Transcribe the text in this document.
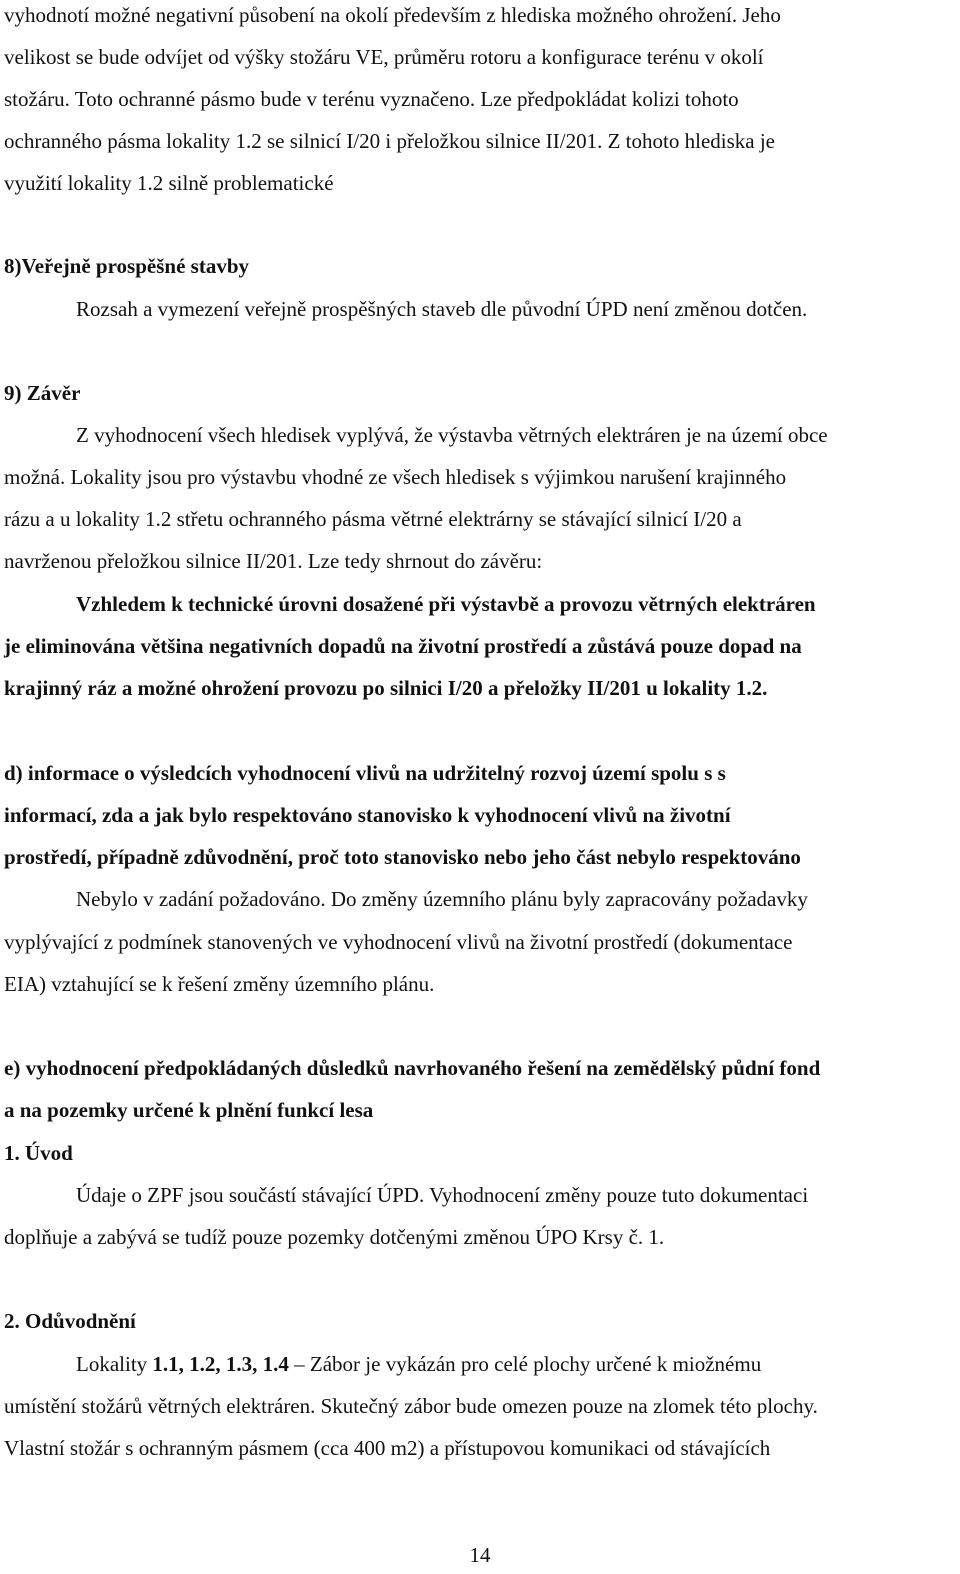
vyhodnotí možné negativní působení na okolí především z hlediska možného ohrožení. Jeho
velikost se bude odvíjet od výšky stožáru VE, průměru rotoru a konfigurace terénu v okolí
stožáru. Toto ochranné pásmo bude v terénu vyznačeno. Lze předpokládat kolizi tohoto
ochranného pásma lokality 1.2 se silnicí I/20 i přeložkou silnice II/201. Z tohoto hlediska je
využití lokality 1.2 silně problematické
8)Veřejně prospěšné stavby
Rozsah a vymezení veřejně prospěšných staveb dle původní ÚPD není změnou dotčen.
9) Závěr
Z vyhodnocení všech hledisek vyplývá, že výstavba větrných elektráren je na území obce
možná. Lokality jsou pro výstavbu vhodné ze všech hledisek s výjimkou narušení krajinného
rázu a u lokality 1.2 střetu ochranného pásma větrné elektrárny se stávající silnicí I/20 a
navrženou přeložkou silnice II/201. Lze tedy shrnout do závěru:
Vzhledem k technické úrovni dosažené při výstavbě a provozu větrných elektráren
je eliminována většina negativních dopadů na životní prostředí a zůstává pouze dopad na
krajinný ráz a možné ohrožení provozu po silnici I/20 a přeložky II/201 u lokality 1.2.
d) informace o výsledcích vyhodnocení vlivů na udržitelný rozvoj území spolu s s
informací, zda a jak bylo respektováno stanovisko k vyhodnocení vlivů na životní
prostředí, případně zdůvodnění, proč toto stanovisko nebo jeho část nebylo respektováno
Nebylo v zadání požadováno. Do změny územního plánu byly zapracovány požadavky
vyplývající z podmínek stanovených ve vyhodnocení vlivů na životní prostředí (dokumentace
EIA) vztahující se k řešení změny územního plánu.
e) vyhodnocení předpokládaných důsledků navrhovaného řešení na zemědělský půdní fond
a na pozemky určené k plnění funkcí lesa
1. Úvod
Údaje o ZPF jsou součástí stávající ÚPD. Vyhodnocení změny pouze tuto dokumentaci
doplňuje a zabývá se tudíž pouze pozemky dotčenými změnou ÚPO Krsy č. 1.
2. Odůvodnění
Lokality 1.1, 1.2, 1.3, 1.4 – Zábor je vykázán pro celé plochy určené k miožnému
umístění stožárů větrných elektráren. Skutečný zábor bude omezen pouze na zlomek této plochy.
Vlastní stožár s ochranným pásmem (cca 400 m2) a přístupovou komunikaci od stávajících
14
